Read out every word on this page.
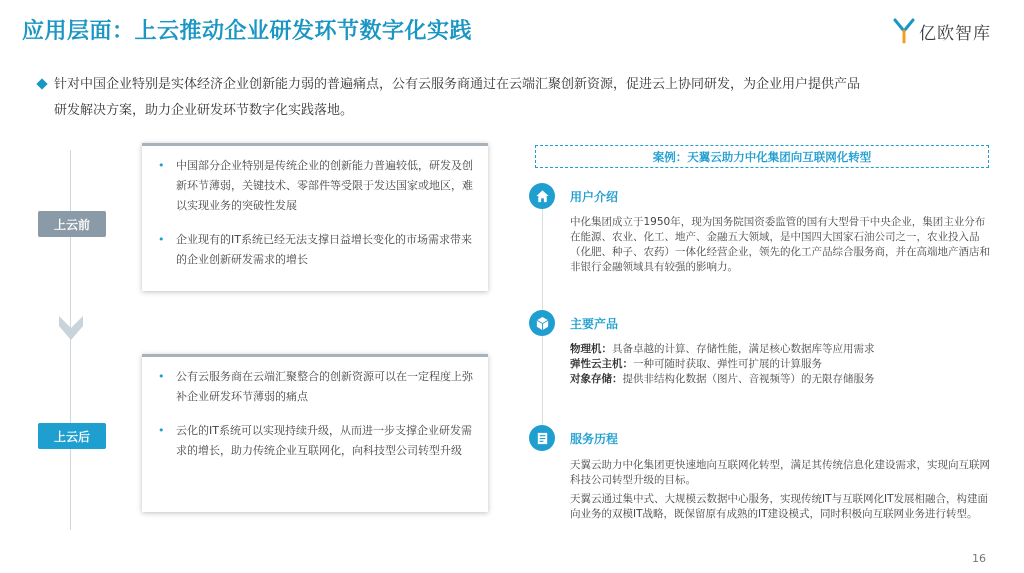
应用层面：上云推动企业研发环节数字化实践	亿欧智库
针对中国企业特别是实体经济企业创新能力弱的普遍痛点，公有云服务商通过在云端汇聚创新资源，促进云上协同研发，为企业用户提供产品
研发解决方案，助力企业研发环节数字化实践落地。
上云前
上云后
• 中国部分企业特别是传统企业的创新能力普遍较低，研发及创新环节薄弱，关键技术、零部件等受限于发达国家或地区，难以实现业务的突破性发展
• 企业现有的IT系统已经无法支撑日益增长变化的市场需求带来的企业创新研发需求的增长
• 公有云服务商在云端汇聚整合的创新资源可以在一定程度上弥补企业研发环节薄弱的痛点
• 云化的IT系统可以实现持续升级，从而进一步支撑企业研发需求的增长，助力传统企业互联网化，向科技型公司转型升级
案例：天翼云助力中化集团向互联网化转型
用户介绍
中化集团成立于1950年，现为国务院国资委监管的国有大型骨干中央企业，集团主业分布在能源、农业、化工、地产、金融五大领域，是中国四大国家石油公司之一，农业投入品（化肥、种子、农药）一体化经营企业，领先的化工产品综合服务商，并在高端地产酒店和非银行金融领域具有较强的影响力。
主要产品
物理机：具备卓越的计算、存储性能，满足核心数据库等应用需求
弹性云主机：一种可随时获取、弹性可扩展的计算服务
对象存储：提供非结构化数据（图片、音视频等）的无限存储服务
服务历程
天翼云助力中化集团更快速地向互联网化转型，满足其传统信息化建设需求，实现向互联网科技公司转型升级的目标。
天翼云通过集中式、大规模云数据中心服务，实现传统IT与互联网化IT发展相融合，构建面向业务的双模IT战略，既保留原有成熟的IT建设模式，同时积极向互联网业务进行转型。
16
